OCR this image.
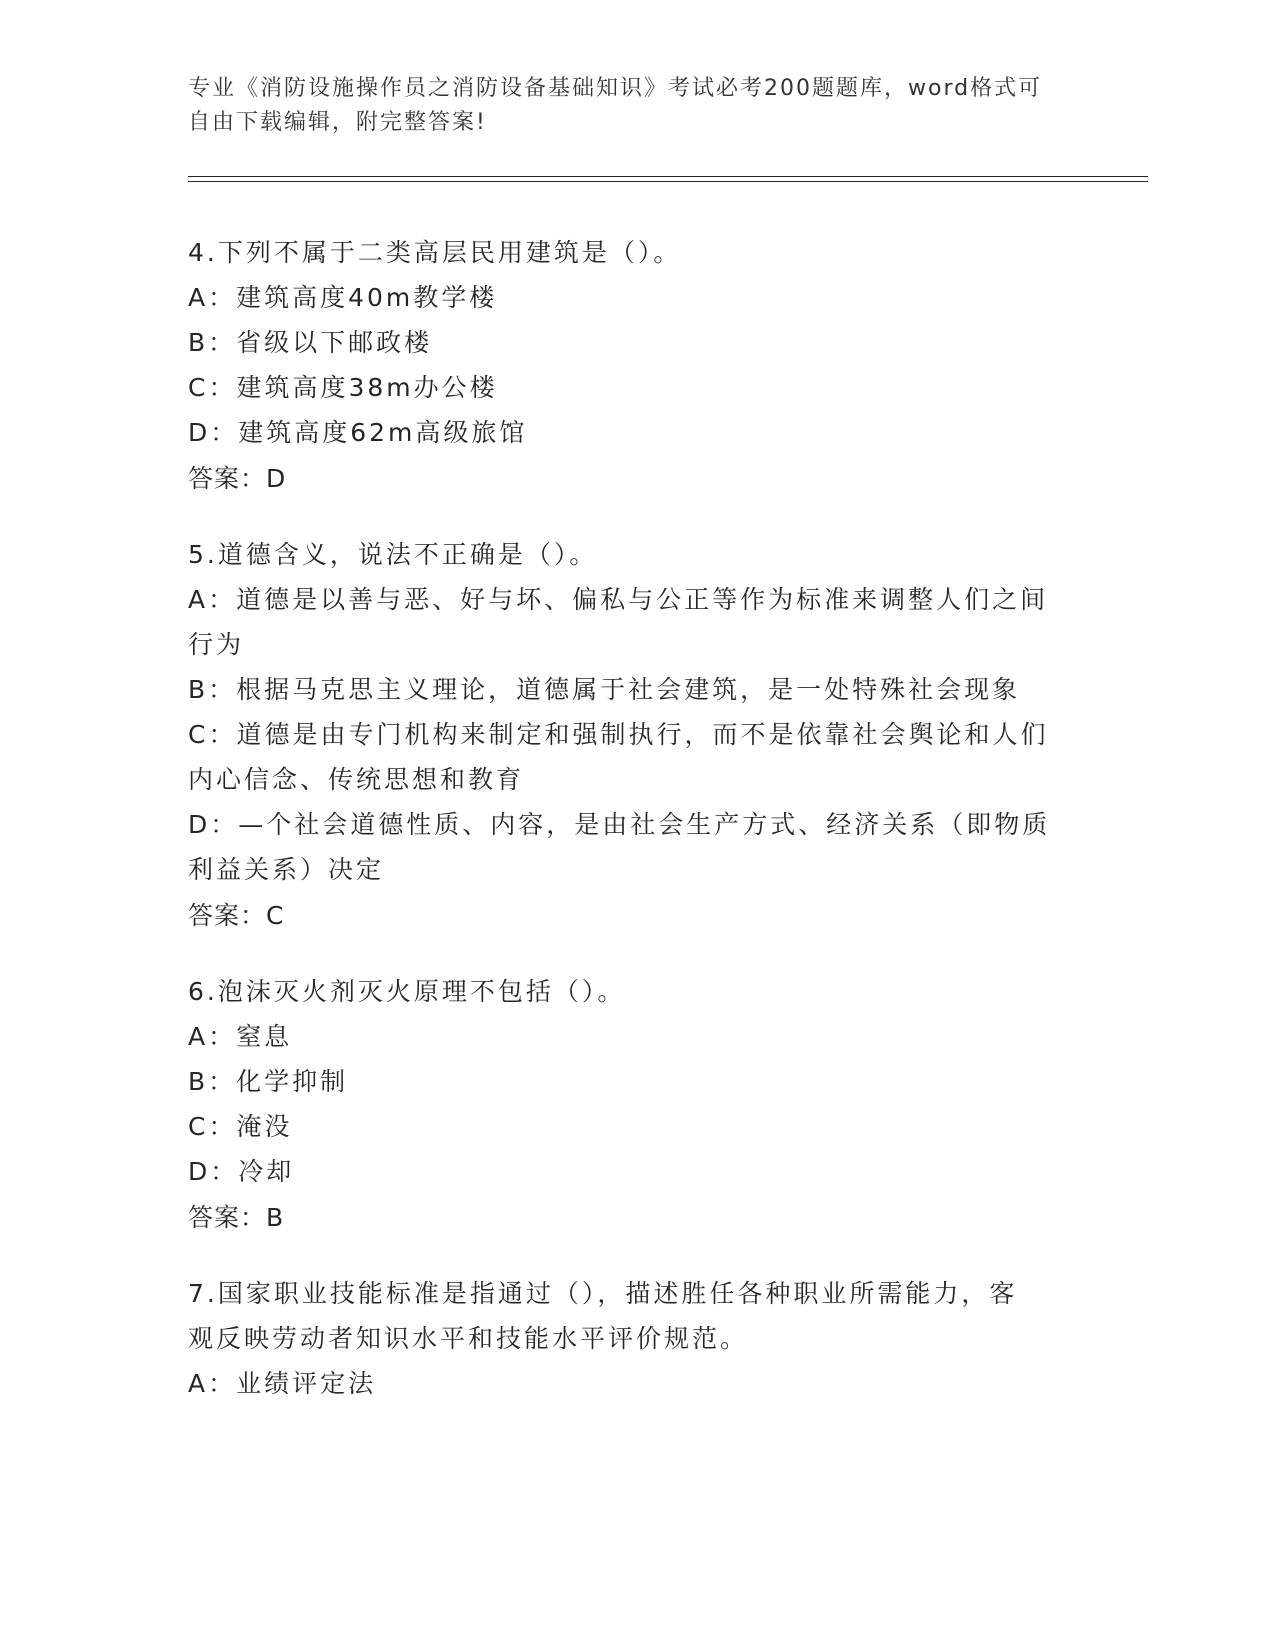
专业《消防设施操作员之消防设备基础知识》考试必考200题题库，word格式可
自由下载编辑，附完整答案!
4.下列不属于二类高层民用建筑是（）。
A：建筑高度40m教学楼
B：省级以下邮政楼
C：建筑高度38m办公楼
D：建筑高度62m高级旅馆
答案：D
5.道德含义，说法不正确是（）。
A：道德是以善与恶、好与坏、偏私与公正等作为标准来调整人们之间
行为
B：根据马克思主义理论，道德属于社会建筑，是一处特殊社会现象
C：道德是由专门机构来制定和强制执行，而不是依靠社会舆论和人们
内心信念、传统思想和教育
D：—个社会道德性质、内容，是由社会生产方式、经济关系（即物质
利益关系）决定
答案：C
6.泡沫灭火剂灭火原理不包括（）。
A：窒息
B：化学抑制
C：淹没
D：冷却
答案：B
7.国家职业技能标准是指通过（），描述胜任各种职业所需能力，客
观反映劳动者知识水平和技能水平评价规范。
A：业绩评定法
